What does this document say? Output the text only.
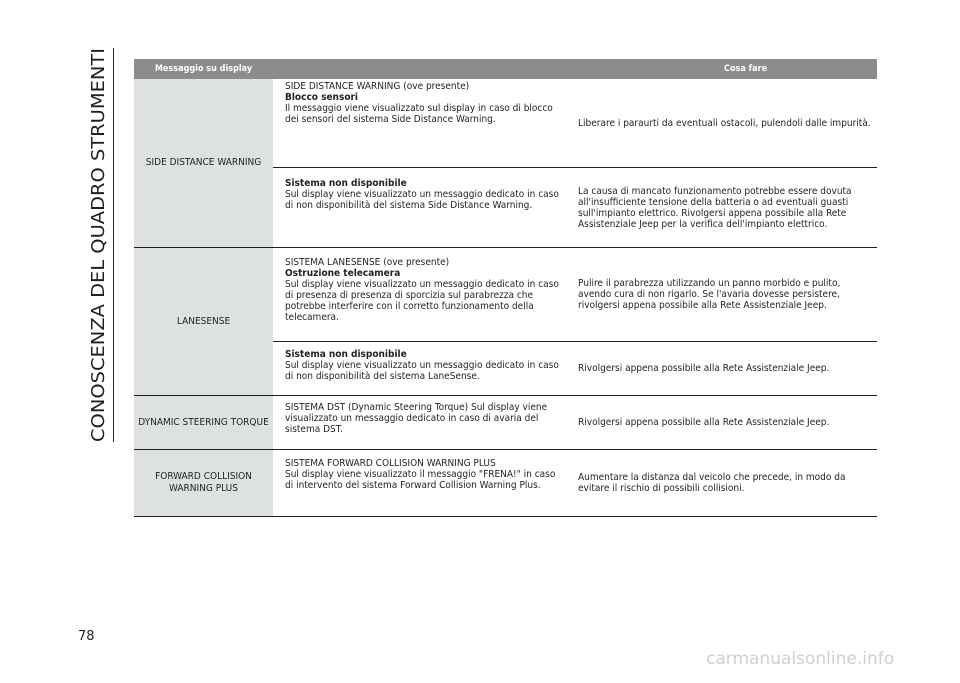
CONOSCENZA DEL QUADRO STRUMENTI
Messaggio su display	Cosa fare
SIDE DISTANCE WARNING
SIDE DISTANCE WARNING (ove presente)
Blocco sensori
Il messaggio viene visualizzato sul display in caso di blocco dei sensori del sistema Side Distance Warning.	Liberare i paraurti da eventuali ostacoli, pulendoli dalle impurità.
Sistema non disponibile
Sul display viene visualizzato un messaggio dedicato in caso di non disponibilità del sistema Side Distance Warning.
La causa di mancato funzionamento potrebbe essere dovuta all'insufficiente tensione della batteria o ad eventuali guasti sull'impianto elettrico. Rivolgersi appena possibile alla Rete Assistenziale Jeep per la verifica dell'impianto elettrico.
LANESENSE
SISTEMA LANESENSE (ove presente)
Ostruzione telecamera
Sul display viene visualizzato un messaggio dedicato in caso di presenza di presenza di sporcizia sul parabrezza che potrebbe interferire con il corretto funzionamento della telecamera.
Pulire il parabrezza utilizzando un panno morbido e pulito, avendo cura di non rigarlo. Se l'avaria dovesse persistere, rivolgersi appena possibile alla Rete Assistenziale Jeep.
Sistema non disponibile
Sul display viene visualizzato un messaggio dedicato in caso di non disponibilità del sistema LaneSense.
Rivolgersi appena possibile alla Rete Assistenziale Jeep.
DYNAMIC STEERING TORQUE
SISTEMA DST (Dynamic Steering Torque) Sul display viene visualizzato un messaggio dedicato in caso di avaria del sistema DST.
Rivolgersi appena possibile alla Rete Assistenziale Jeep.
FORWARD COLLISION WARNING PLUS
SISTEMA FORWARD COLLISION WARNING PLUS
Sul display viene visualizzato il messaggio "FRENA!" in caso di intervento del sistema Forward Collision Warning Plus.
Aumentare la distanza dal veicolo che precede, in modo da evitare il rischio di possibili collisioni.
78
carmanualsonline.info
